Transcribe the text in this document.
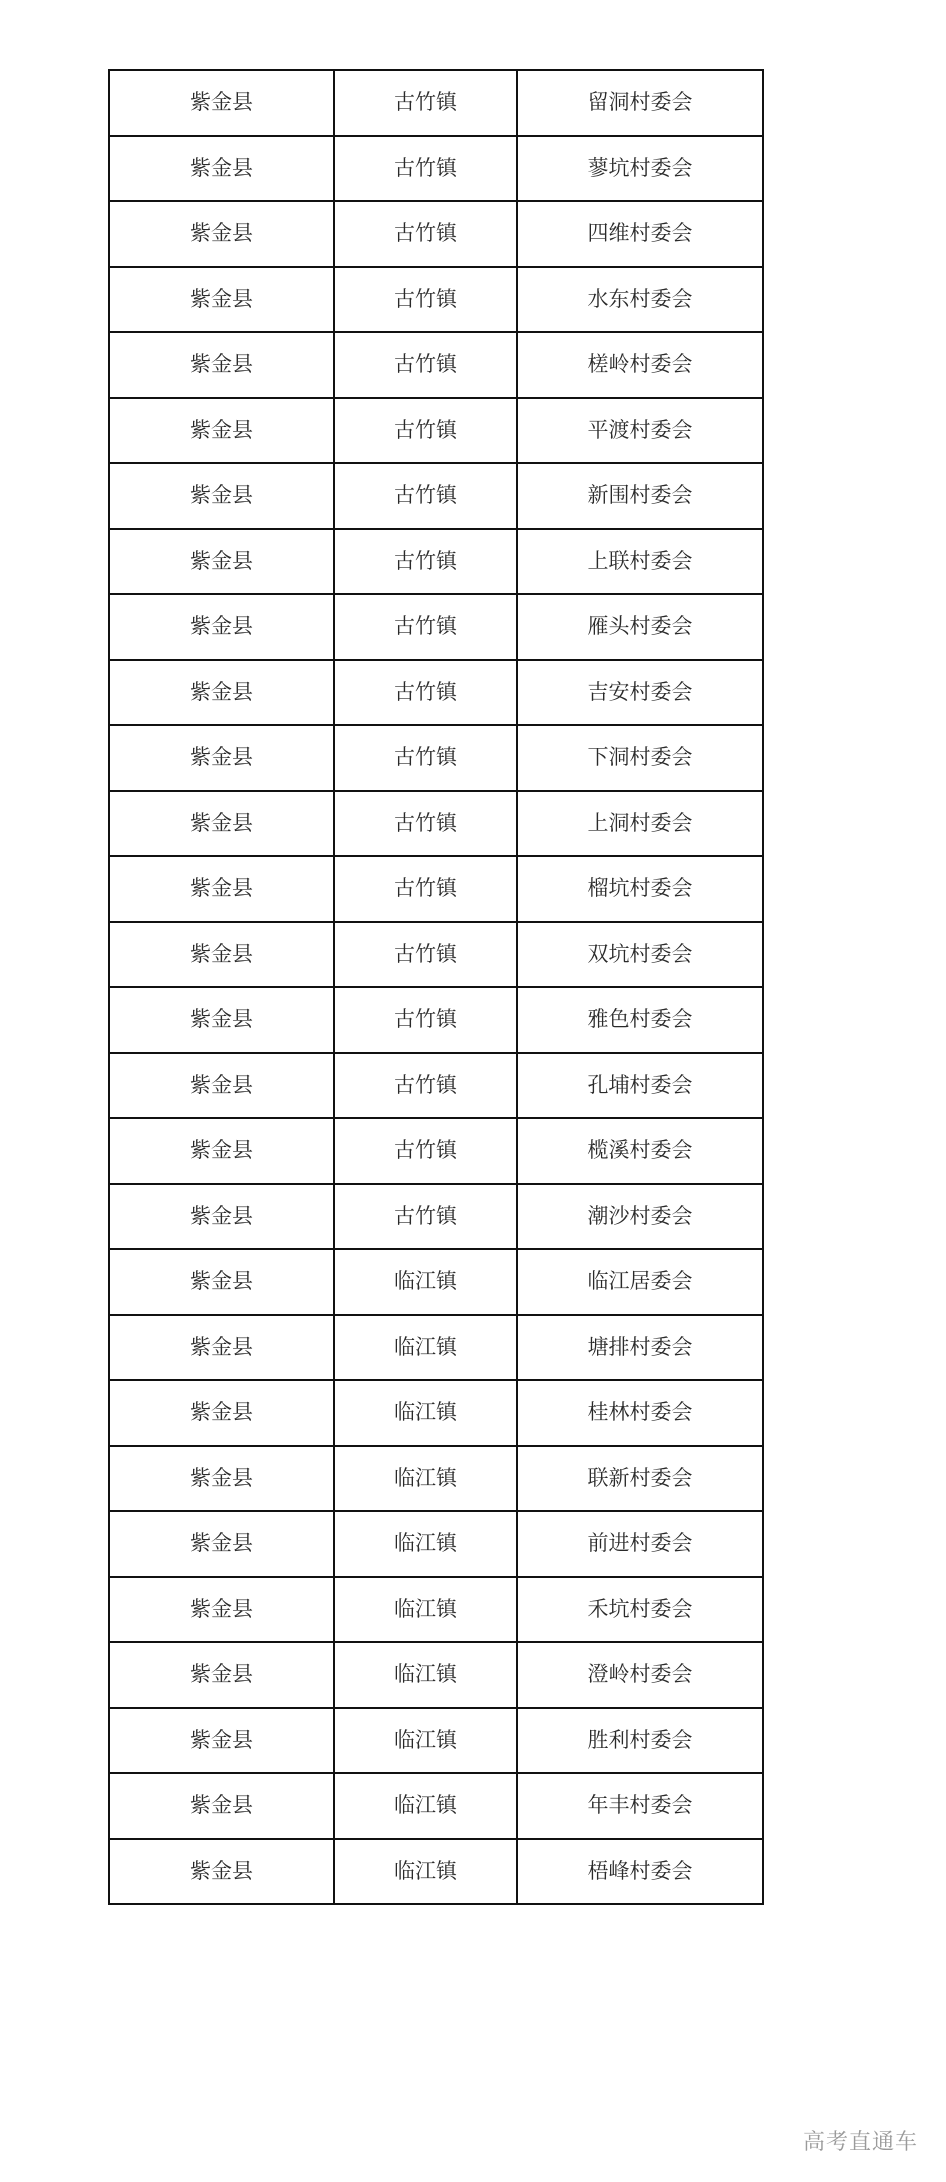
紫金县	古竹镇	留洞村委会
紫金县	古竹镇	蓼坑村委会
紫金县	古竹镇	四维村委会
紫金县	古竹镇	水东村委会
紫金县	古竹镇	槎岭村委会
紫金县	古竹镇	平渡村委会
紫金县	古竹镇	新围村委会
紫金县	古竹镇	上联村委会
紫金县	古竹镇	雁头村委会
紫金县	古竹镇	吉安村委会
紫金县	古竹镇	下洞村委会
紫金县	古竹镇	上洞村委会
紫金县	古竹镇	榴坑村委会
紫金县	古竹镇	双坑村委会
紫金县	古竹镇	雅色村委会
紫金县	古竹镇	孔埔村委会
紫金县	古竹镇	榄溪村委会
紫金县	古竹镇	潮沙村委会
紫金县	临江镇	临江居委会
紫金县	临江镇	塘排村委会
紫金县	临江镇	桂林村委会
紫金县	临江镇	联新村委会
紫金县	临江镇	前进村委会
紫金县	临江镇	禾坑村委会
紫金县	临江镇	澄岭村委会
紫金县	临江镇	胜利村委会
紫金县	临江镇	年丰村委会
紫金县	临江镇	梧峰村委会
高考直通车
